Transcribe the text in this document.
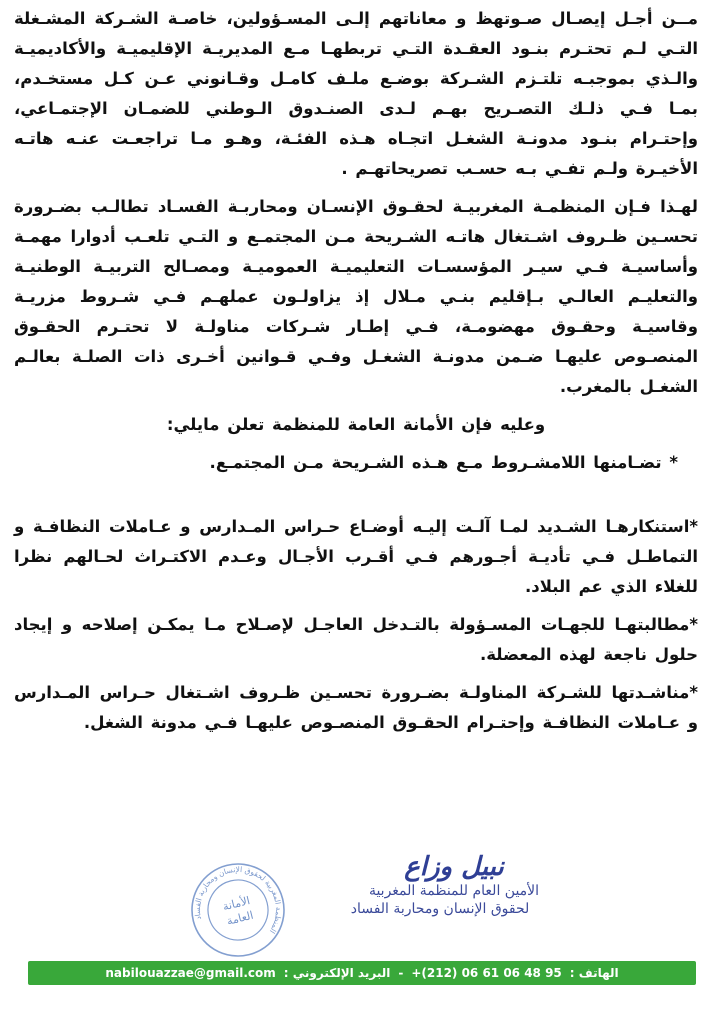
مــن أجـل إيصـال صـوتهظ و معاناتهم إلـى المسـؤولين، خاصـة الشـركة المشـغلة التـي لـم تحتـرم بنـود العقـدة التـي تربطهـا مـع المديريـة الإقليميـة والأكاديميـة والـذي بموجبـه تلتـزم الشـركة بوضـع ملـف كامـل وقـانوني عـن كـل مستخـدم، بمـا فـي ذلـك التصـريح بهـم لـدى الصنـدوق الـوطني للضمـان الإجتمـاعي، وإحتـرام بنـود مدونـة الشغـل اتجـاه هـذه الفئـة، وهـو مـا تراجعـت عنـه هاتـه الأخيـرة ولـم تفـي بـه حسـب تصريحاتهـم .

لهـذا فـإن المنظمـة المغربيـة لحقـوق الإنسـان ومحاربـة الفسـاد تطالـب بضـرورة تحسـين ظـروف اشـتغال هاتـه الشـريحة مـن المجتمـع و التـي تلعـب أدوارا مهمـة وأساسيـة فـي سيـر المؤسسـات التعليميـة العموميـة ومصـالح التربيـة الوطنيـة والتعليـم العالـي بـإقليم بنـي مـلال إذ يزاولـون عملهـم فـي شـروط مزريـة وقاسيـة وحقـوق مهضومـة، فـي إطـار شـركات مناولـة لا تحتـرم الحقـوق المنصـوص عليهـا ضـمن مدونـة الشغـل وفـي قـوانين أخـرى ذات الصلـة بعالـم الشغـل بالمغرب.

وعليه فإن الأمانة العامة للمنظمة تعلن مايلي:

* تضـامنها اللامشـروط مـع هـذه الشـريحة مـن المجتمـع.

*استنكارهـا الشـديد لمـا آلـت إليـه أوضـاع حـراس المـدارس و عـاملات النظافـة و التماطـل فـي تأديـة أجـورهم فـي أقـرب الأجـال وعـدم الاكتـراث لحـالهم نظرا للغلاء الذي عم البلاد.

*مطالبتهـا للجهـات المسـؤولة بالتـدخل العاجـل لإصـلاح مـا يمكـن إصلاحه و إيجاد حلول ناجعة لهذه المعضلة.

*مناشـدتها للشـركة المناولـة بضـرورة تحسـين ظـروف اشـتغال حـراس المـدارس و عـاملات النظافـة وإحتـرام الحقـوق المنصـوص عليهـا فـي مدونة الشغل.

المنظمة المغربية لحقوق الإنسان ومحاربة الفساد
الأمانة
العامة
نبيل وزاع
الأمين العام للمنظمة المغربية
لحقوق الإنسان ومحاربة الفساد
nabilouazzae@gmail.com البريد الإلكتروني : - +(212) 06 61 06 48 95 الهاتف :
